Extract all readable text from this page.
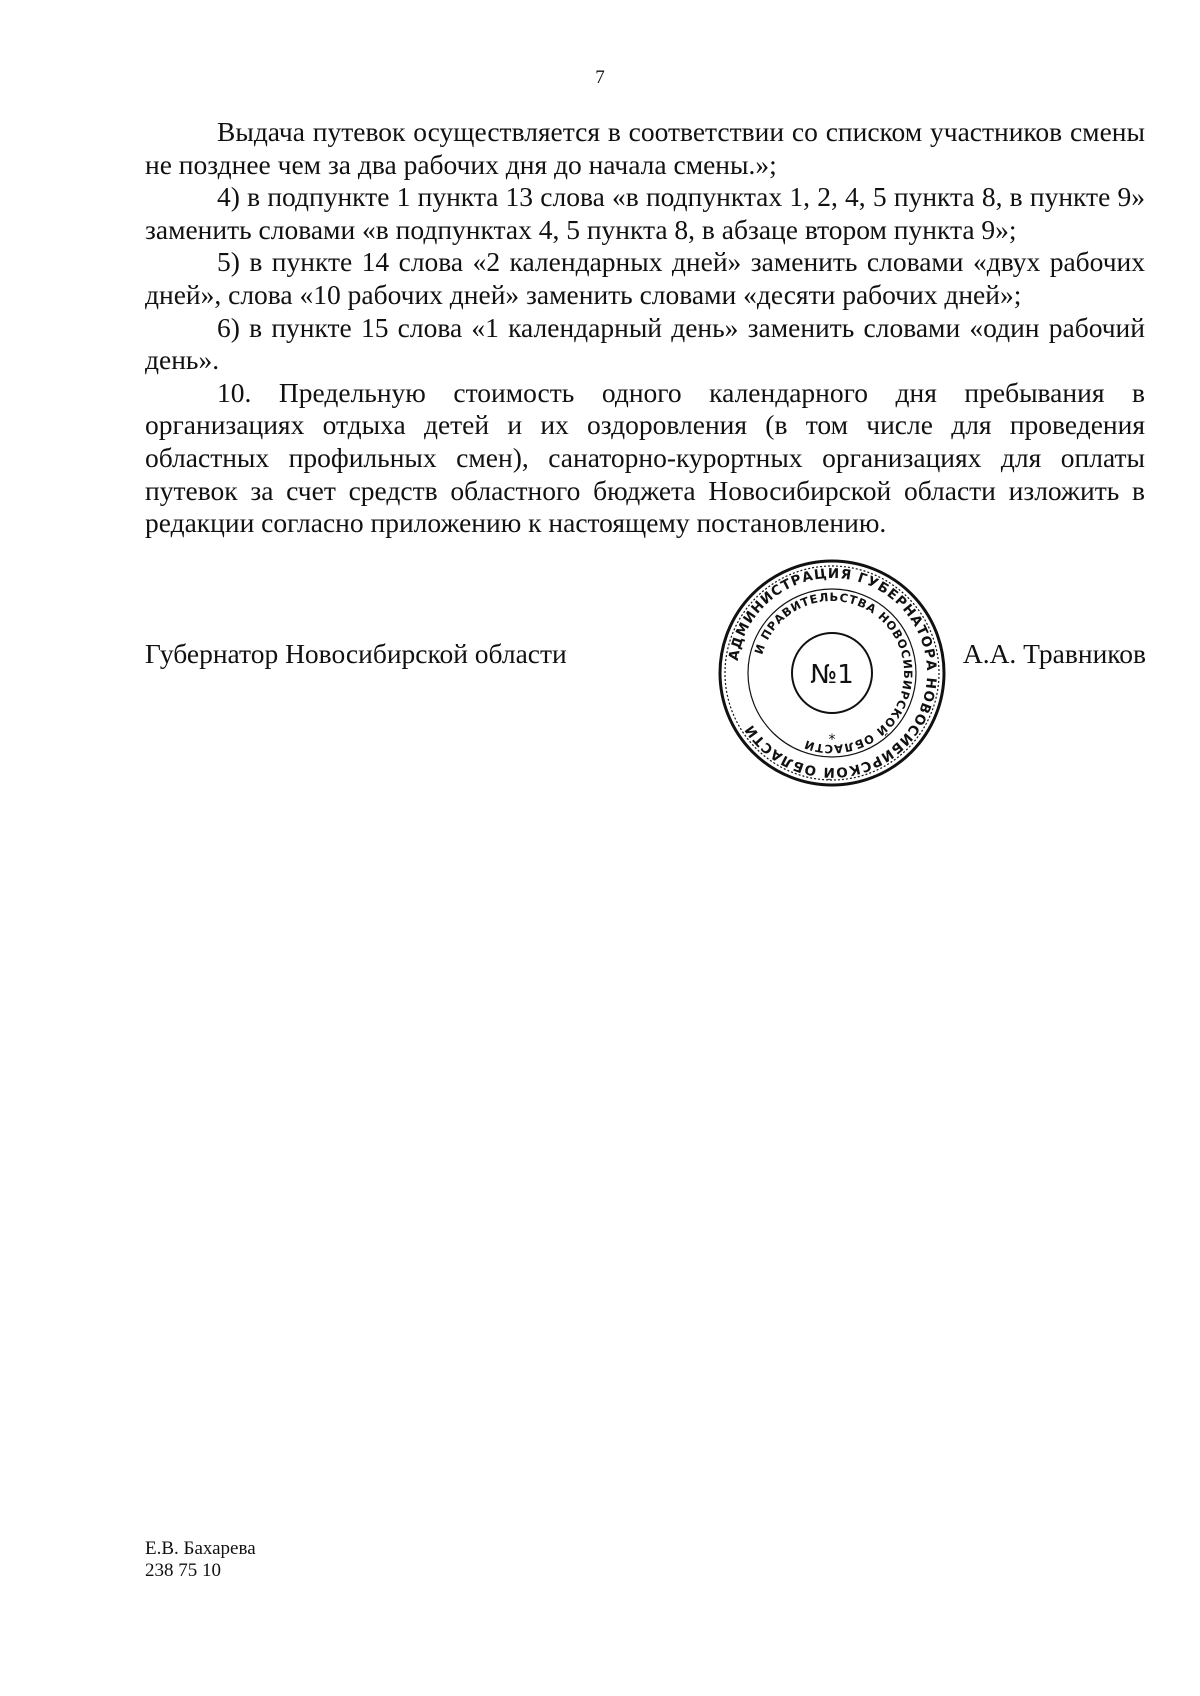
7

Выдача путевок осуществляется в соответствии со списком участников смены не позднее чем за два рабочих дня до начала смены.»;

4) в подпункте 1 пункта 13 слова «в подпунктах 1, 2, 4, 5 пункта 8, в пункте 9» заменить словами «в подпунктах 4, 5 пункта 8, в абзаце втором пункта 9»;

5) в пункте 14 слова «2 календарных дней» заменить словами «двух рабочих дней», слова «10 рабочих дней» заменить словами «десяти рабочих дней»;

6) в пункте 15 слова «1 календарный день» заменить словами «один рабочий день».

10. Предельную стоимость одного календарного дня пребывания в организациях отдыха детей и их оздоровления (в том числе для проведения областных профильных смен), санаторно-курортных организациях для оплаты путевок за счет средств областного бюджета Новосибирской области изложить в редакции согласно приложению к настоящему постановлению.

Губернатор Новосибирской области	АДМИНИСТРАЦИЯ ГУБЕРНАТОРА НОВОСИБИРСКОЙ ОБЛАСТИ
И ПРАВИТЕЛЬСТВА НОВОСИБИРСКОЙ ОБЛАСТИ
№1
*
А.А. Травников
Е.В. Бахарева
238 75 10
